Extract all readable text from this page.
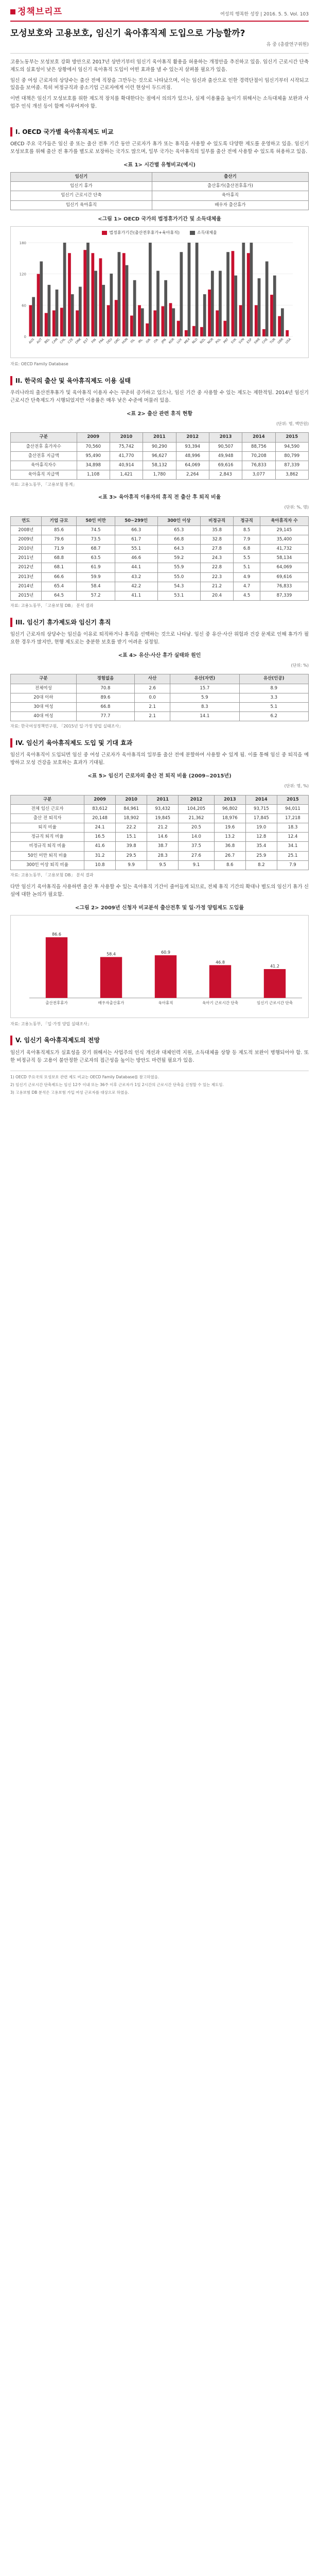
정책브리프	여성의 행복한 성장 | 2016. 5. 5. Vol. 103
모성보호와 고용보호, 임신기 육아휴직제 도입으로 가능할까?
유 중 (총괄연구위원)

고용노동부는 모성보호 강화 방안으로 2017년 상반기부터 임신기 육아휴직 활용을 허용하는 개정안을 추진하고 있음. 임신기 근로시간 단축 제도의 실효성이 낮은 상황에서 임신기 육아휴직 도입이 어떤 효과를 낼 수 있는지 살펴볼 필요가 있음.

임신 중 여성 근로자의 상당수는 출산 전에 직장을 그만두는 것으로 나타났으며, 이는 임신과 출산으로 인한 경력단절이 임신기부터 시작되고 있음을 보여줌. 특히 비정규직과 중소기업 근로자에게 이런 현상이 두드러짐.

이번 대책은 임신기 모성보호를 위한 제도적 장치를 확대한다는 점에서 의의가 있으나, 실제 이용률을 높이기 위해서는 소득대체율 보완과 사업주 인식 개선 등이 함께 이루어져야 함.

I. OECD 국가별 육아휴직제도 비교

OECD 주요 국가들은 임신 중 또는 출산 전후 기간 동안 근로자가 휴가 또는 휴직을 사용할 수 있도록 다양한 제도를 운영하고 있음. 임신기 모성보호를 위해 출산 전 휴가를 별도로 보장하는 국가도 많으며, 일부 국가는 육아휴직의 일부를 출산 전에 사용할 수 있도록 허용하고 있음.

<표 1> 시간별 유형비교(예시)
임신기	출산기
임신기 휴가	출산휴가(출산전후휴가)
임신기 근로시간 단축	육아휴직
임신기 육아휴직	배우자 출산휴가
<그림 1> OECD 국가의 법정휴가기간 및 소득대체율
법정휴가기간(출산전후휴가+육아휴직)	소득대체율
0
60
120
180
AUS AUT BEL CAN CHL CZE DNK EST FIN FRA DEU GRC HUN ISL IRL ISR ITA JPN KOR LUX MEX NLD NZL NOR POL PRT SVK SVN ESP SWE CHE TUR GBR USA
자료: OECD Family Database
II. 한국의 출산 및 육아휴직제도 이용 실태

우리나라의 출산전후휴가 및 육아휴직 이용자 수는 꾸준히 증가하고 있으나, 임신 기간 중 사용할 수 있는 제도는 제한적임. 2014년 임신기 근로시간 단축제도가 시행되었지만 이용률은 매우 낮은 수준에 머물러 있음.

<표 2> 출산 관련 휴직 현황
(단위: 명, 백만원)
구분	2009	2010	2011	2012	2013	2014	2015
출산전후 휴가자수	70,560	75,742	90,290	93,394	90,507	88,756	94,590
출산전후 지급액	95,490	41,770	96,627	48,996	49,948	70,208	80,799
육아휴직자수	34,898	40,914	58,132	64,069	69,616	76,833	87,339
육아휴직 지급액	1,108	1,421	1,780	2,264	2,843	3,077	3,862
자료: 고용노동부, 「고용보험 통계」
<표 3> 육아휴직 이용자의 휴직 전 출산 후 퇴직 비율
(단위: %, 명)
연도	기업 규모	50인 미만	50~299인	300인 이상	비정규직	정규직	육아휴직자 수
2008년	85.6	74.5	66.3	65.3	35.8	8.5	29,145
2009년	79.6	73.5	61.7	66.8	32.8	7.9	35,400
2010년	71.9	68.7	55.1	64.3	27.8	6.8	41,732
2011년	68.8	63.5	46.6	59.2	24.3	5.5	58,134
2012년	68.1	61.9	44.1	55.9	22.8	5.1	64,069
2013년	66.6	59.9	43.2	55.0	22.3	4.9	69,616
2014년	65.4	58.4	42.2	54.3	21.2	4.7	76,833
2015년	64.5	57.2	41.1	53.1	20.4	4.5	87,339
자료: 고용노동부, 「고용보험 DB」 분석 결과
III. 임신기 휴가제도와 임신기 휴직

임신기 근로자의 상당수는 임신을 이유로 퇴직하거나 휴직을 선택하는 것으로 나타남. 임신 중 유산·사산 위험과 건강 문제로 인해 휴가가 필요한 경우가 많지만, 현행 제도로는 충분한 보호를 받기 어려운 실정임.

<표 4> 유산·사산 휴가 실태와 원인
(단위: %)
구분	경험없음	사산	유산(자연)	유산(인공)
전체여성	70.8	2.6	15.7	8.9
20대 이하	89.6	0.0	5.9	3.3
30대 여성	66.8	2.1	8.3	5.1
40대 여성	77.7	2.1	14.1	6.2
자료: 한국여성정책연구원, 「2015년 일·가정 양립 실태조사」
IV. 임신기 육아휴직제도 도입 및 기대 효과

임신기 육아휴직이 도입되면 임신 중 여성 근로자가 육아휴직의 일부를 출산 전에 분할하여 사용할 수 있게 됨. 이를 통해 임신 중 퇴직을 예방하고 모성 건강을 보호하는 효과가 기대됨.

<표 5> 임신기 근로자의 출산 전 퇴직 비율 (2009~2015년)
(단위: 명, %)
구분	2009	2010	2011	2012	2013	2014	2015
전체 임신 근로자	83,612	84,961	93,432	104,205	96,802	93,715	94,011
출산 전 퇴직자	20,148	18,902	19,845	21,362	18,976	17,845	17,218
퇴직 비율	24.1	22.2	21.2	20.5	19.6	19.0	18.3
정규직 퇴직 비율	16.5	15.1	14.6	14.0	13.2	12.8	12.4
비정규직 퇴직 비율	41.6	39.8	38.7	37.5	36.8	35.4	34.1
50인 미만 퇴직 비율	31.2	29.5	28.3	27.6	26.7	25.9	25.1
300인 이상 퇴직 비율	10.8	9.9	9.5	9.1	8.6	8.2	7.9
자료: 고용노동부, 「고용보험 DB」 분석 결과

다만 임신기 육아휴직을 사용하면 출산 후 사용할 수 있는 육아휴직 기간이 줄어들게 되므로, 전체 휴직 기간의 확대나 별도의 임신기 휴가 신설에 대한 논의가 필요함.

<그림 2> 2009년 신청자 비교분석 출산전후 및 일·가정 양립제도 도입률
86.6
출산전후휴가
58.4
배우자출산휴가
60.9
육아휴직
46.8
육아기 근로시간 단축
41.2
임신기 근로시간 단축
자료: 고용노동부, 「일·가정 양립 실태조사」
V. 임신기 육아휴직제도의 전망

임신기 육아휴직제도가 실효성을 갖기 위해서는 사업주의 인식 개선과 대체인력 지원, 소득대체율 상향 등 제도적 보완이 병행되어야 함. 또한 비정규직 등 고용이 불안정한 근로자의 접근성을 높이는 방안도 마련될 필요가 있음.

1) OECD 주요국의 모성보호 관련 제도 비교는 OECD Family Database를 참고하였음.

2) 임신기 근로시간 단축제도는 임신 12주 이내 또는 36주 이후 근로자가 1일 2시간의 근로시간 단축을 신청할 수 있는 제도임.

3) 고용보험 DB 분석은 고용보험 가입 여성 근로자를 대상으로 하였음.
